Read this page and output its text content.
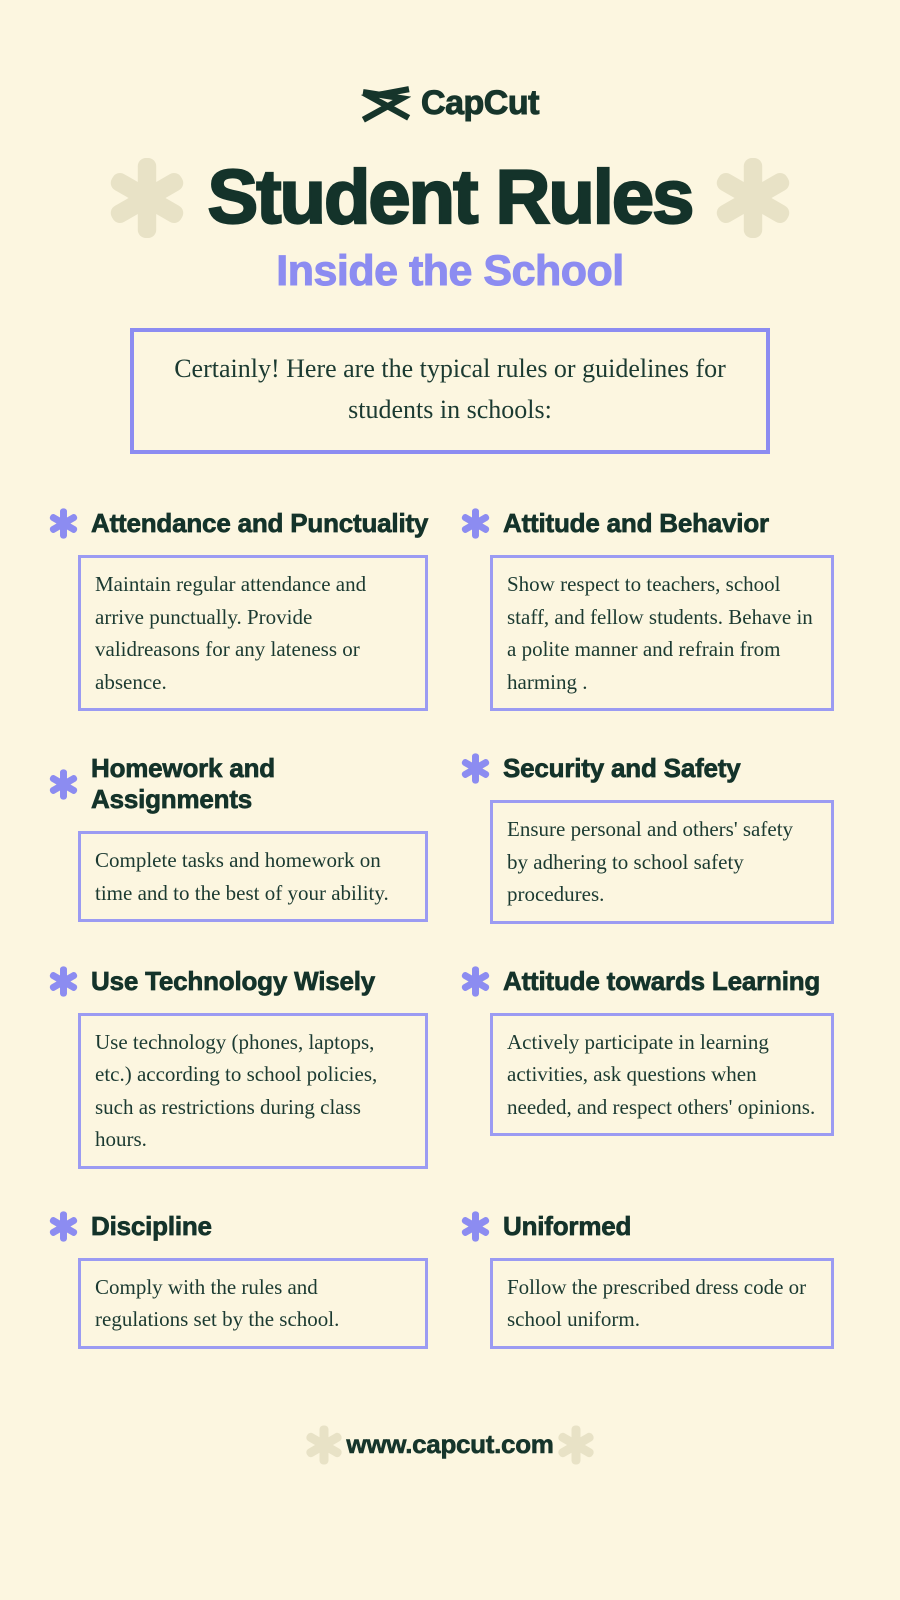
CapCut
Student Rules
Inside the School

Certainly! Here are the typical rules or guidelines for students in schools:

Attendance and Punctuality

Maintain regular attendance and arrive punctually. Provide validreasons for any lateness or absence.

Attitude and Behavior

Show respect to teachers, school staff, and fellow students. Behave in a polite manner and refrain from harming .

Homework and Assignments

Complete tasks and homework on time and to the best of your ability.

Security and Safety

Ensure personal and others' safety by adhering to school safety procedures.

Use Technology Wisely

Use technology (phones, laptops, etc.) according to school policies, such as restrictions during class hours.

Attitude towards Learning

Actively participate in learning activities, ask questions when needed, and respect others' opinions.

Discipline

Comply with the rules and regulations set by the school.

Uniformed

Follow the prescribed dress code or school uniform.

www.capcut.com
